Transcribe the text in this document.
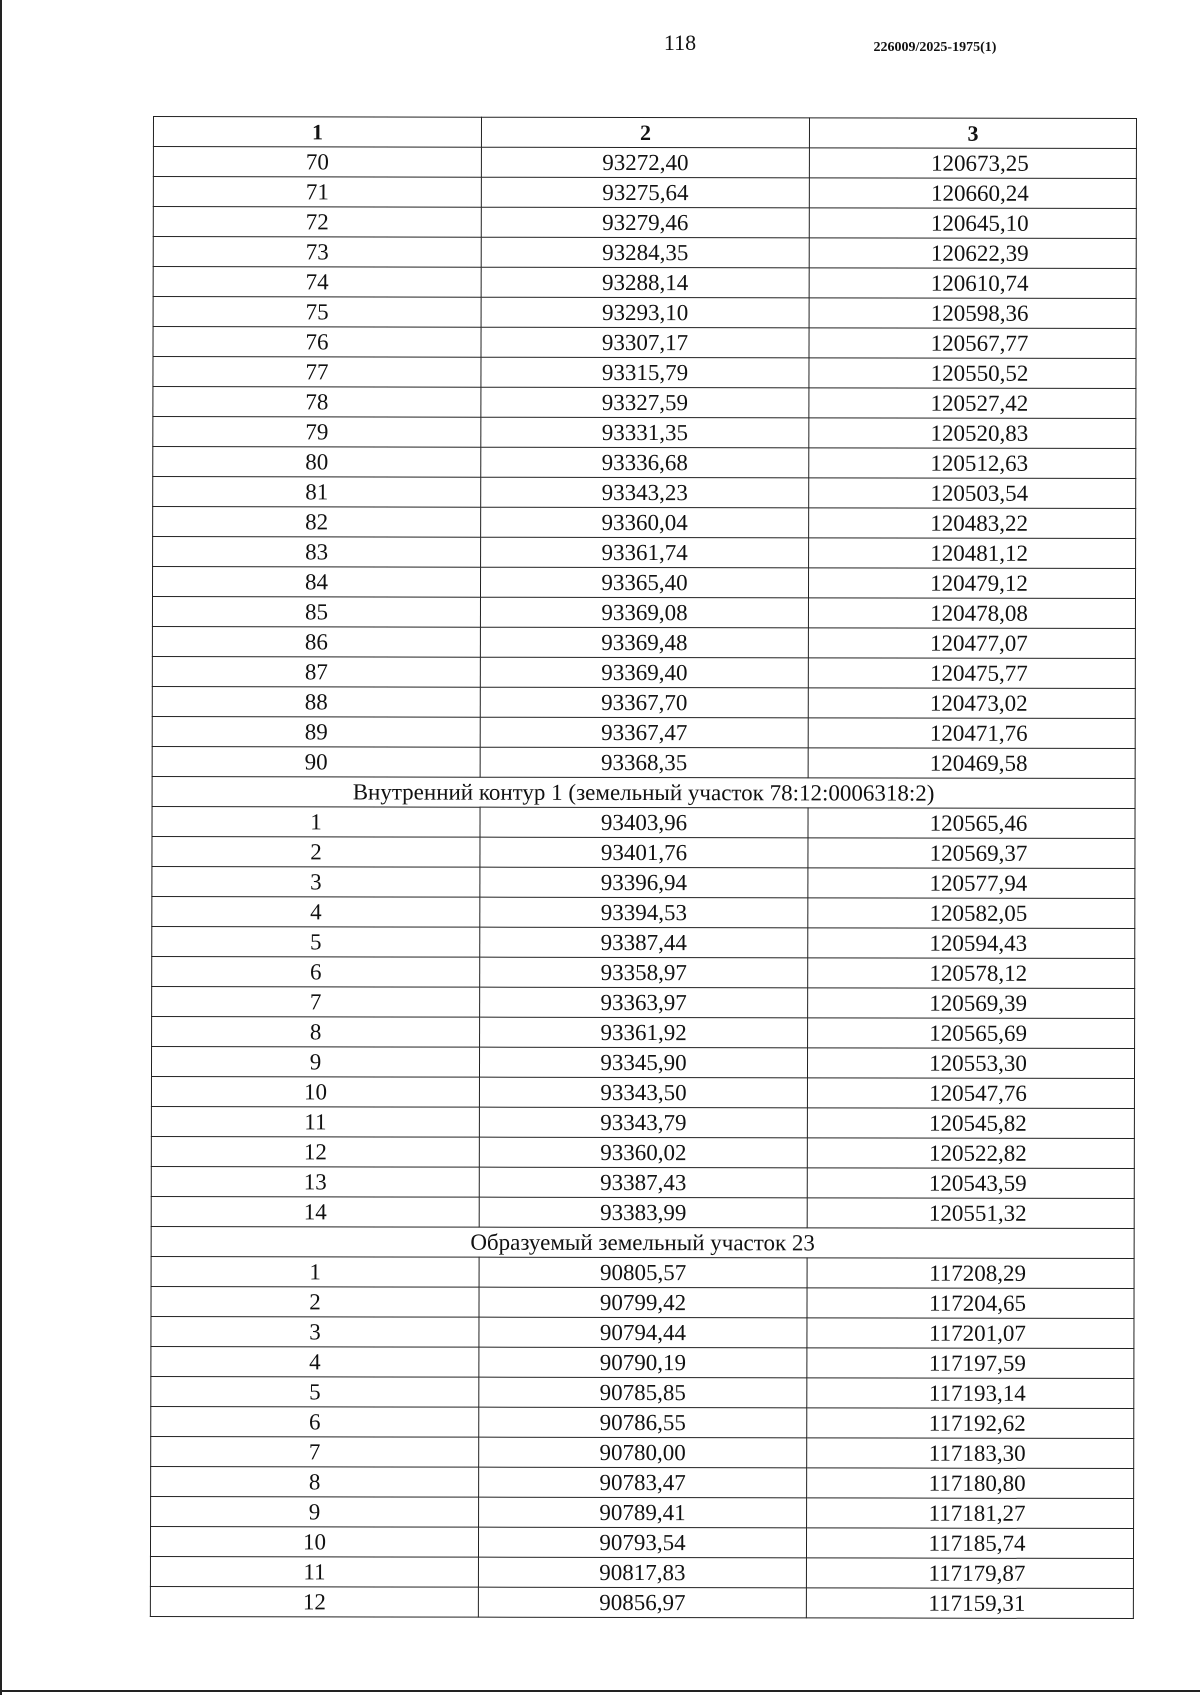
118	226009/2025-1975(1)
1	2	3
70	93272,40	120673,25
71	93275,64	120660,24
72	93279,46	120645,10
73	93284,35	120622,39
74	93288,14	120610,74
75	93293,10	120598,36
76	93307,17	120567,77
77	93315,79	120550,52
78	93327,59	120527,42
79	93331,35	120520,83
80	93336,68	120512,63
81	93343,23	120503,54
82	93360,04	120483,22
83	93361,74	120481,12
84	93365,40	120479,12
85	93369,08	120478,08
86	93369,48	120477,07
87	93369,40	120475,77
88	93367,70	120473,02
89	93367,47	120471,76
90	93368,35	120469,58
Внутренний контур 1 (земельный участок 78:12:0006318:2)		
1	93403,96	120565,46
2	93401,76	120569,37
3	93396,94	120577,94
4	93394,53	120582,05
5	93387,44	120594,43
6	93358,97	120578,12
7	93363,97	120569,39
8	93361,92	120565,69
9	93345,90	120553,30
10	93343,50	120547,76
11	93343,79	120545,82
12	93360,02	120522,82
13	93387,43	120543,59
14	93383,99	120551,32
Образуемый земельный участок 23		
1	90805,57	117208,29
2	90799,42	117204,65
3	90794,44	117201,07
4	90790,19	117197,59
5	90785,85	117193,14
6	90786,55	117192,62
7	90780,00	117183,30
8	90783,47	117180,80
9	90789,41	117181,27
10	90793,54	117185,74
11	90817,83	117179,87
12	90856,97	117159,31
